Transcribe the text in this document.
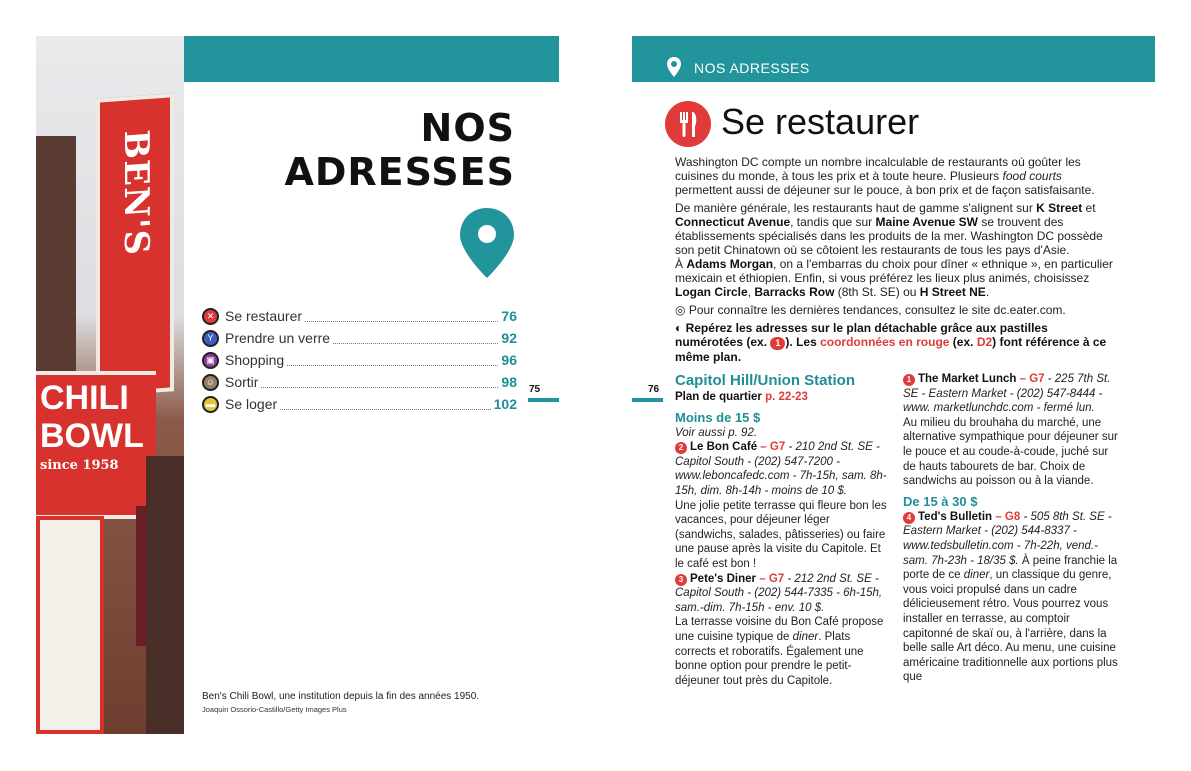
BEN'S
CHILI
BOWL
since 1958
NOS
ADRESSES
✕ Se restaurer	76
Y Prendre un verre	92
▣ Shopping	96
☺ Sortir	98
▬ Se loger	102
75
Ben's Chili Bowl, une institution depuis la fin des années 1950.
Joaquin Ossorio-Castillo/Getty Images Plus
NOS ADRESSES
Se restaurer

Washington DC compte un nombre incalculable de restaurants où goûter les cuisines du monde, à tous les prix et à toute heure. Plusieurs food courts permettent aussi de déjeuner sur le pouce, à bon prix et de façon satisfaisante.

De manière générale, les restaurants haut de gamme s'alignent sur K Street et Connecticut Avenue, tandis que sur Maine Avenue SW se trouvent des établissements spécialisés dans les produits de la mer. Washington DC possède son petit Chinatown où se côtoient les restaurants de tous les pays d'Asie.
À Adams Morgan, on a l'embarras du choix pour dîner « ethnique », en particulier mexicain et éthiopien. Enfin, si vous préférez les lieux plus animés, choisissez Logan Circle, Barracks Row (8th St. SE) ou H Street NE.

◎ Pour connaître les dernières tendances, consultez le site dc.eater.com.

◐ Repérez les adresses sur le plan détachable grâce aux pastilles numérotées (ex. 1 ). Les coordonnées en rouge (ex. D2) font référence à ce même plan.

76

Capitol Hill/Union Station

Plan de quartier p. 22-23

Moins de 15 $

Voir aussi p. 92.

2 Le Bon Café – G7 - 210 2nd St. SE - Capitol South - (202) 547-7200 - www.leboncafedc.com - 7h-15h, sam. 8h-15h, dim. 8h-14h - moins de 10 $.

Une jolie petite terrasse qui fleure bon les vacances, pour déjeuner léger (sandwichs, salades, pâtisseries) ou faire une pause après la visite du Capitole. Et le café est bon !

3 Pete's Diner – G7 - 212 2nd St. SE - Capitol South - (202) 544-7335 - 6h-15h, sam.-dim. 7h-15h - env. 10 $.

La terrasse voisine du Bon Café propose une cuisine typique de diner. Plats corrects et roboratifs. Également une bonne option pour prendre le petit-déjeuner tout près du Capitole.

1 The Market Lunch – G7 - 225 7th St. SE - Eastern Market - (202) 547-8444 - www. marketlunchdc.com - fermé lun.

Au milieu du brouhaha du marché, une alternative sympathique pour déjeuner sur le pouce et au coude-à-coude, juché sur de hauts tabourets de bar. Choix de sandwichs au poisson ou à la viande.

De 15 à 30 $

4 Ted's Bulletin – G8 - 505 8th St. SE - Eastern Market - (202) 544-8337 - www.tedsbulletin.com - 7h-22h, vend.-sam. 7h-23h - 18/35 $. À peine franchie la porte de ce diner, un classique du genre, vous voici propulsé dans un cadre délicieusement rétro. Vous pourrez vous installer en terrasse, au comptoir capitonné de skaï ou, à l'arrière, dans la belle salle Art déco. Au menu, une cuisine américaine traditionnelle aux portions plus que
